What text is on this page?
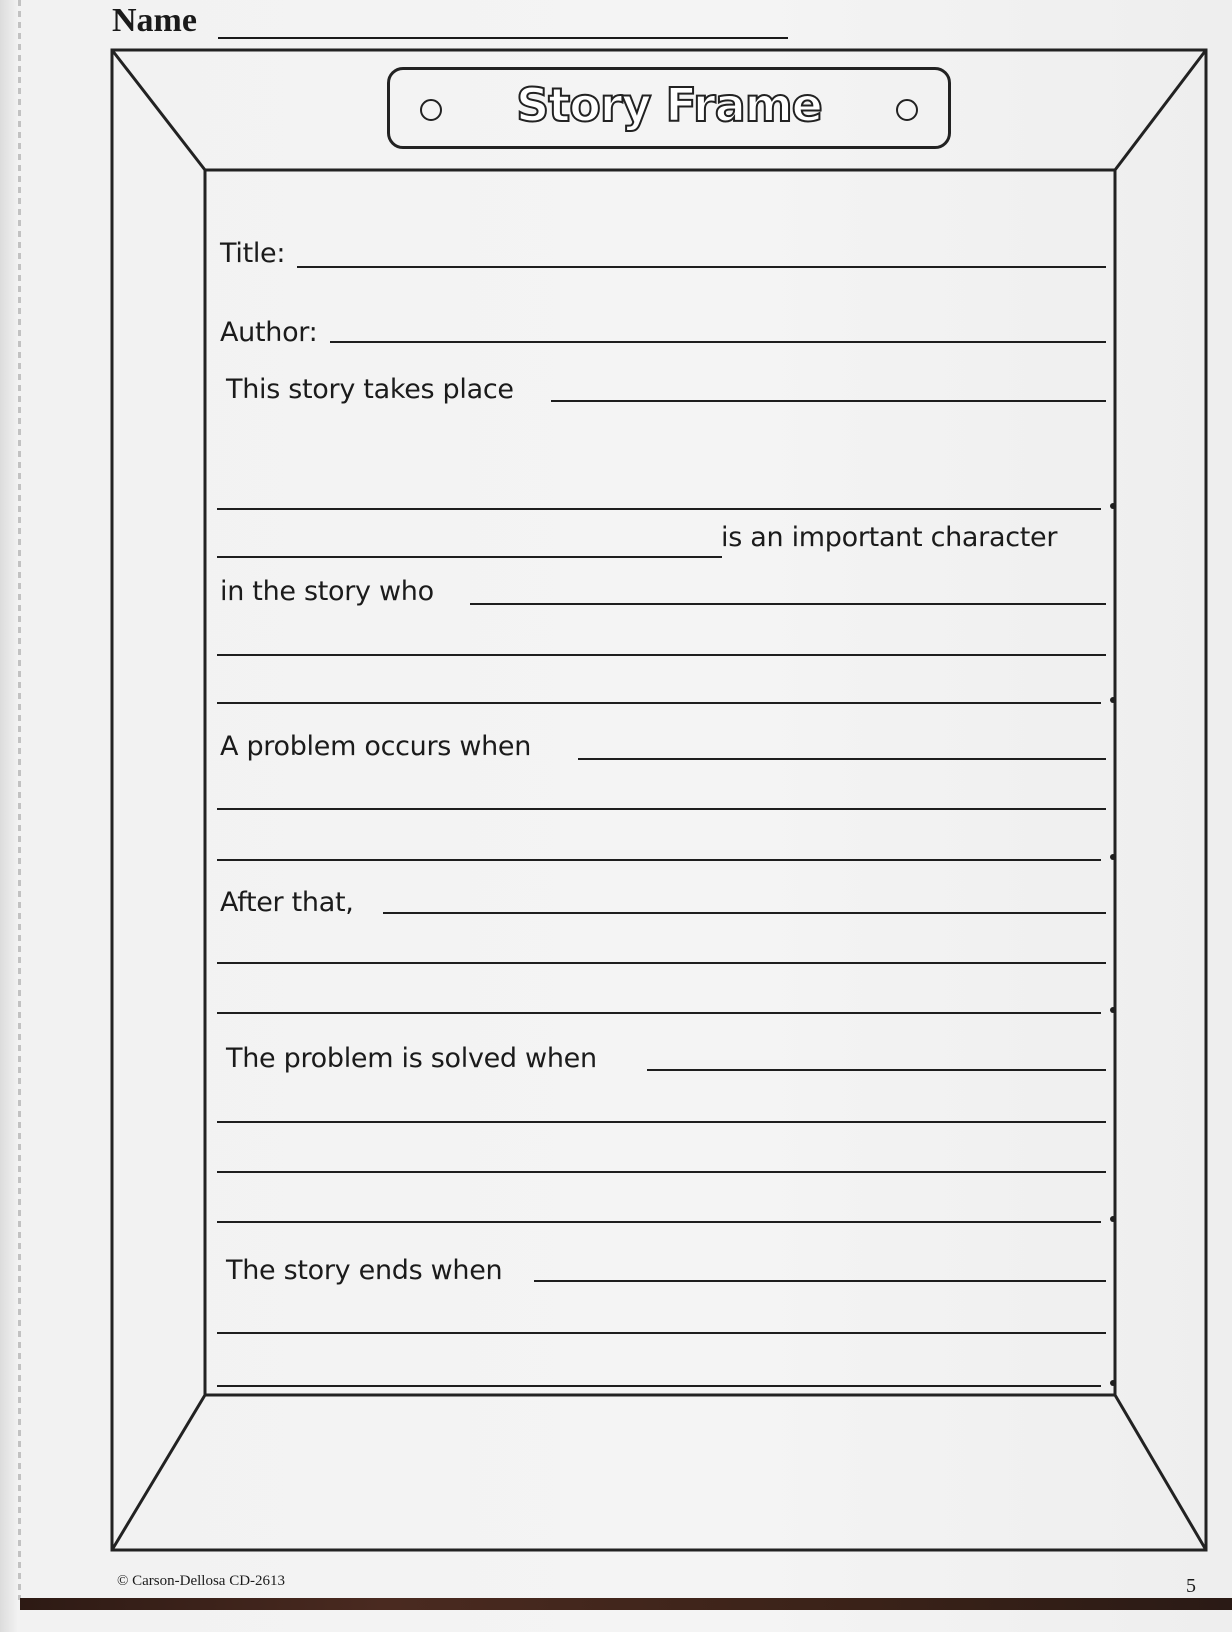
Name
Story Frame
Title:
Author:
This story takes place
is an important character
in the story who
A problem occurs when
After that,
The problem is solved when
The story ends when
© Carson-Dellosa CD-2613	5
